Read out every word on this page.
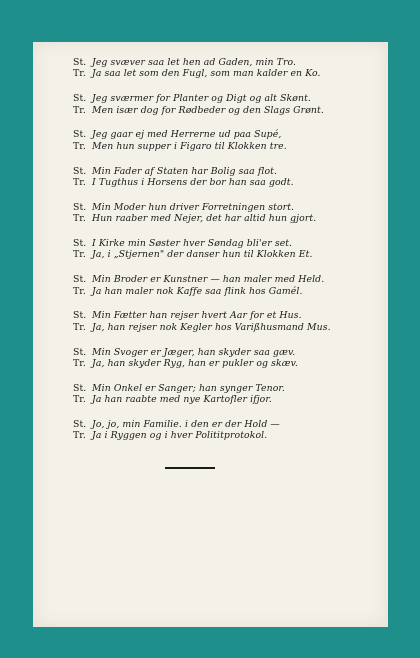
St. Jeg svæver saa let hen ad Gaden, min Tro.
Tr. Ja saa let som den Fugl, som man kalder en Ko.
St. Jeg sværmer for Planter og Digt og alt Skønt.
Tr. Men især dog for Rødbeder og den Slags Grønt.
St. Jeg gaar ej med Herrerne ud paa Supé,
Tr. Men hun supper i Figaro til Klokken tre.
St. Min Fader af Staten har Bolig saa flot.
Tr. I Tugthus i Horsens der bor han saa godt.
St. Min Moder hun driver Forretningen stort.
Tr. Hun raaber med Nejer, det har altid hun gjort.
St. I Kirke min Søster hver Søndag bli'er set.
Tr. Ja, i „Stjernen" der danser hun til Klokken Et.
St. Min Broder er Kunstner — han maler med Held.
Tr. Ja han maler nok Kaffe saa flink hos Gamél.
St. Min Fætter han rejser hvert Aar for et Hus.
Tr. Ja, han rejser nok Kegler hos Varißhusmand Mus.
St. Min Svoger er Jæger, han skyder saa gæv.
Tr. Ja, han skyder Ryg, han er pukler og skæv.
St. Min Onkel er Sanger; han synger Tenor.
Tr. Ja han raabte med nye Kartofler ifjor.
St. Jo, jo, min Familie. i den er der Hold —
Tr. Ja i Ryggen og i hver Polititprotokol.
